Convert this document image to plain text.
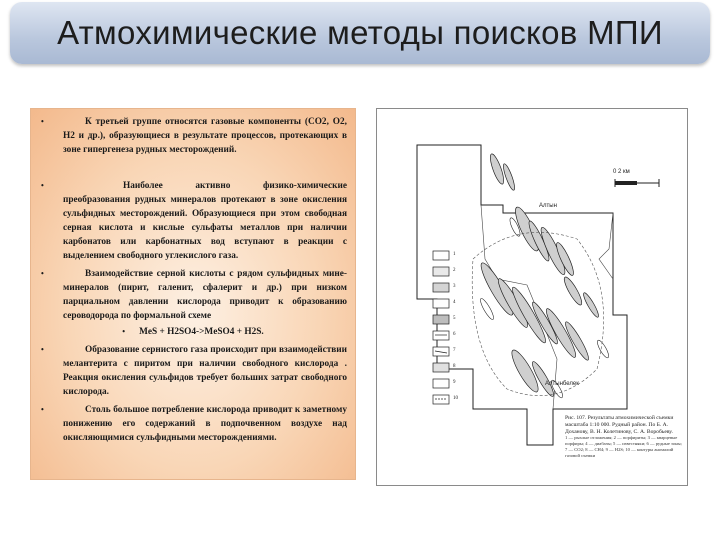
Атмохимические методы поисков МПИ
•	К третьей группе относятся газовые компоненты (СО2, О2, Н2 и др.), образующиеся в результате процессов, протекающих в зоне гипергенеза рудных месторождений.
•	Наиболее активно физико-химические преобразования рудных минералов протекают в зоне окисления сульфидных месторождений. Образующиеся при этом свободная серная кислота и кислые сульфаты металлов при наличии карбонатов или карбонатных вод вступают в реакции с выделением свободного углекислого газа.
•	Взаимодействие серной кислоты с рядом сульфидных мине- минералов (пирит, галенит, сфалерит и др.) при низком парциальном давлении кислорода приводит к образованию сероводорода по формальной схеме
• MeS + H2SO4->MeSO4 + H2S.
•	Образование сернистого газа происходит при взаимодействии мелантерита с пиритом при наличии свободного кислорода . Реакция окисления сульфидов требует больших затрат свободного кислорода.
•	Столь большое потребление кислорода приводит к заметному понижению его содержаний в подпочвенном воздухе над окисляющимися сульфидными месторождениями.
0 2 км
Алтын
Алтынбелек
1
2
3
4
5
6
7
8
9
10
Рис. 107. Результаты атмохимической съемки масштаба 1:10 000. Рудный район. По Б. А. Доханову, В. Н. Колетинову, С. А. Воробьеву.
1 — рыхлые отложения; 2 — порфириты; 3 — кварцевые порфиры; 4 — диабазы; 5 — известняки; 6 — рудные зоны; 7 — СО2; 8 — СН4; 9 — Н2S; 10 — контуры аномалий газовой съемки
